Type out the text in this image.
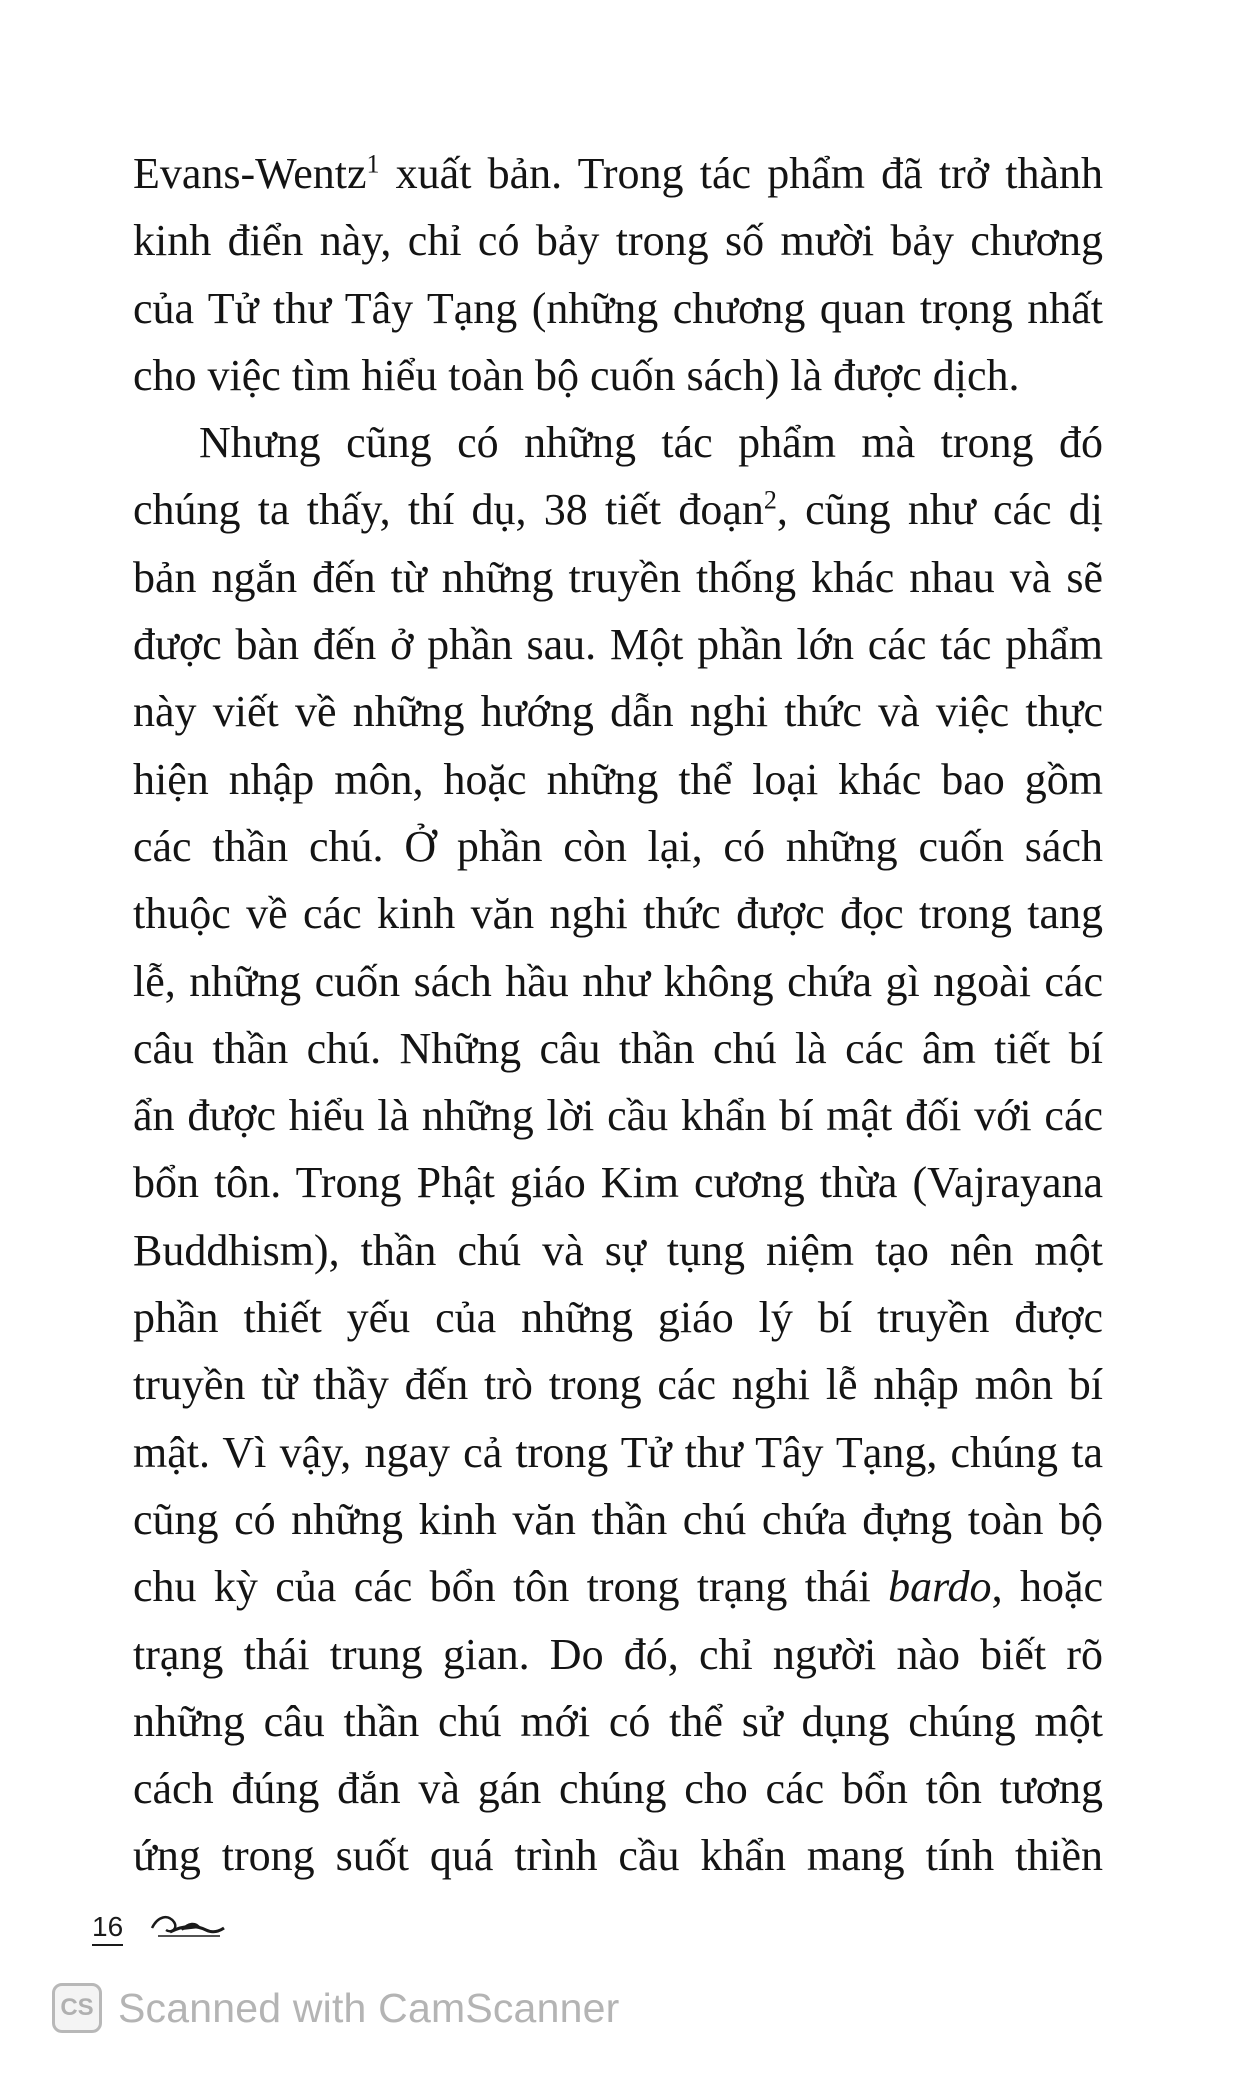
Evans-Wentz$^1$ xuất bản. Trong tác phẩm đã trở thành
kinh điển này, chỉ có bảy trong số mười bảy chương
của Tử thư Tây Tạng (những chương quan trọng nhất
cho việc tìm hiểu toàn bộ cuốn sách) là được dịch.
Nhưng cũng có những tác phẩm mà trong đó
chúng ta thấy, thí dụ, 38 tiết đoạn$^2$, cũng như các dị
bản ngắn đến từ những truyền thống khác nhau và sẽ
được bàn đến ở phần sau. Một phần lớn các tác phẩm
này viết về những hướng dẫn nghi thức và việc thực
hiện nhập môn, hoặc những thể loại khác bao gồm
các thần chú. Ở phần còn lại, có những cuốn sách
thuộc về các kinh văn nghi thức được đọc trong tang
lễ, những cuốn sách hầu như không chứa gì ngoài các
câu thần chú. Những câu thần chú là các âm tiết bí
ẩn được hiểu là những lời cầu khẩn bí mật đối với các
bổn tôn. Trong Phật giáo Kim cương thừa (Vajrayana
Buddhism), thần chú và sự tụng niệm tạo nên một
phần thiết yếu của những giáo lý bí truyền được
truyền từ thầy đến trò trong các nghi lễ nhập môn bí
mật. Vì vậy, ngay cả trong Tử thư Tây Tạng, chúng ta
cũng có những kinh văn thần chú chứa đựng toàn bộ
chu kỳ của các bổn tôn trong trạng thái bardo, hoặc
trạng thái trung gian. Do đó, chỉ người nào biết rõ
những câu thần chú mới có thể sử dụng chúng một
cách đúng đắn và gán chúng cho các bổn tôn tương
ứng trong suốt quá trình cầu khẩn mang tính thiền
16
CS Scanned with CamScanner
